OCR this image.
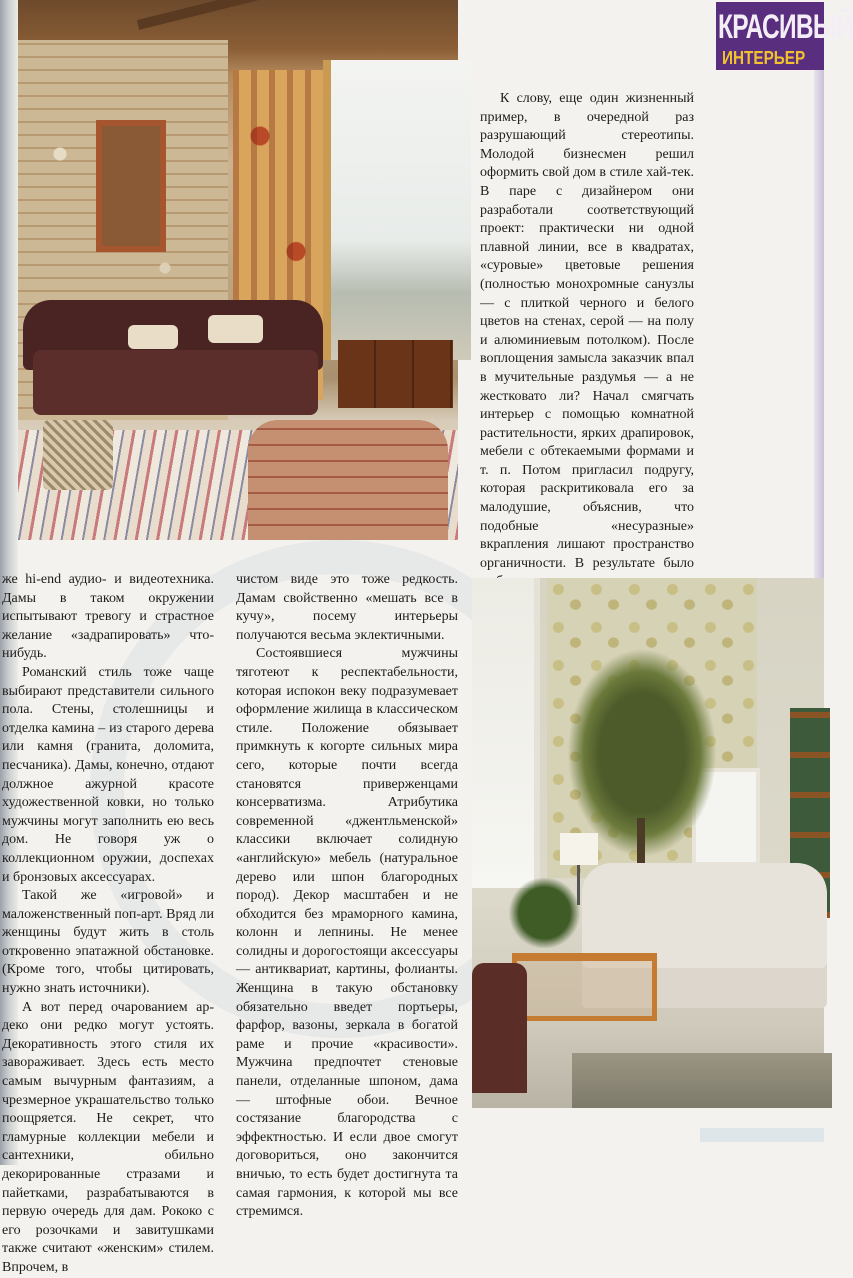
КРАСИВЫЙ
ИНТЕРЬЕР

К слову, еще один жизненный пример, в очередной раз разрушающий стереотипы. Молодой бизнесмен решил оформить свой дом в стиле хай-тек. В паре с дизайнером они разработали соответствующий проект: практически ни одной плавной линии, все в квадратах, «суровые» цветовые решения (полностью монохромные санузлы — с плиткой черного и белого цветов на стенах, серой — на полу и алюминиевым потолком). После воплощения замысла заказчик впал в мучительные раздумья — а не жестковато ли? Начал смягчать интерьер с помощью комнатной растительности, ярких драпировок, мебели с обтекаемыми формами и т. п. Потом пригласил подругу, которая раскритиковала его за малодушие, объяснив, что подобные «несуразные» вкрапления лишают пространство органичности. В результате было

же hi-end аудио- и видеотехника. Дамы в таком окружении испытывают тревогу и страстное желание «задрапировать» что-нибудь.

Романский стиль тоже чаще выбирают представители сильного пола. Стены, столешницы и отделка камина – из старого дерева или камня (гранита, доломита, песчаника). Дамы, конечно, отдают должное ажурной красоте художественной ковки, но только мужчины могут заполнить ею весь дом. Не говоря уж о коллекционном оружии, доспехах и бронзовых аксессуарах.

Такой же «игровой» и маложенственный поп-арт. Вряд ли женщины будут жить в столь откровенно эпатажной обстановке. (Кроме того, чтобы цитировать, нужно знать источники).

А вот перед очарованием ар-деко они редко могут устоять. Декоративность этого стиля их завораживает. Здесь есть место самым вычурным фантазиям, а чрезмерное украшательство только поощряется. Не секрет, что гламурные коллекции мебели и сантехники, обильно декорированные стразами и пайетками, разрабатываются в первую очередь для дам. Рококо с его розочками и завитушками также считают «женским» стилем. Впрочем, в

чистом виде это тоже редкость. Дамам свойственно «мешать все в кучу», посему интерьеры получаются весьма эклектичными.

Состоявшиеся мужчины тяготеют к респектабельности, которая испокон веку подразумевает оформление жилища в классическом стиле. Положение обязывает примкнуть к когорте сильных мира сего, которые почти всегда становятся приверженцами консерватизма. Атрибутика современной «джентльменской» классики включает солидную «английскую» мебель (натуральное дерево или шпон благородных пород). Декор масштабен и не обходится без мраморного камина, колонн и лепнины. Не менее солидны и дорогостоящи аксессуары — антиквариат, картины, фолианты. Женщина в такую обстановку обязательно введет портьеры, фарфор, вазоны, зеркала в богатой раме и прочие «красивости». Мужчина предпочтет стеновые панели, отделанные шпоном, дама — штофные обои. Вечное состязание благородства с эффектностью. И если двое смогут договориться, оно закончится вничью, то есть будет достигнута та самая гармония, к которой мы все стремимся.
